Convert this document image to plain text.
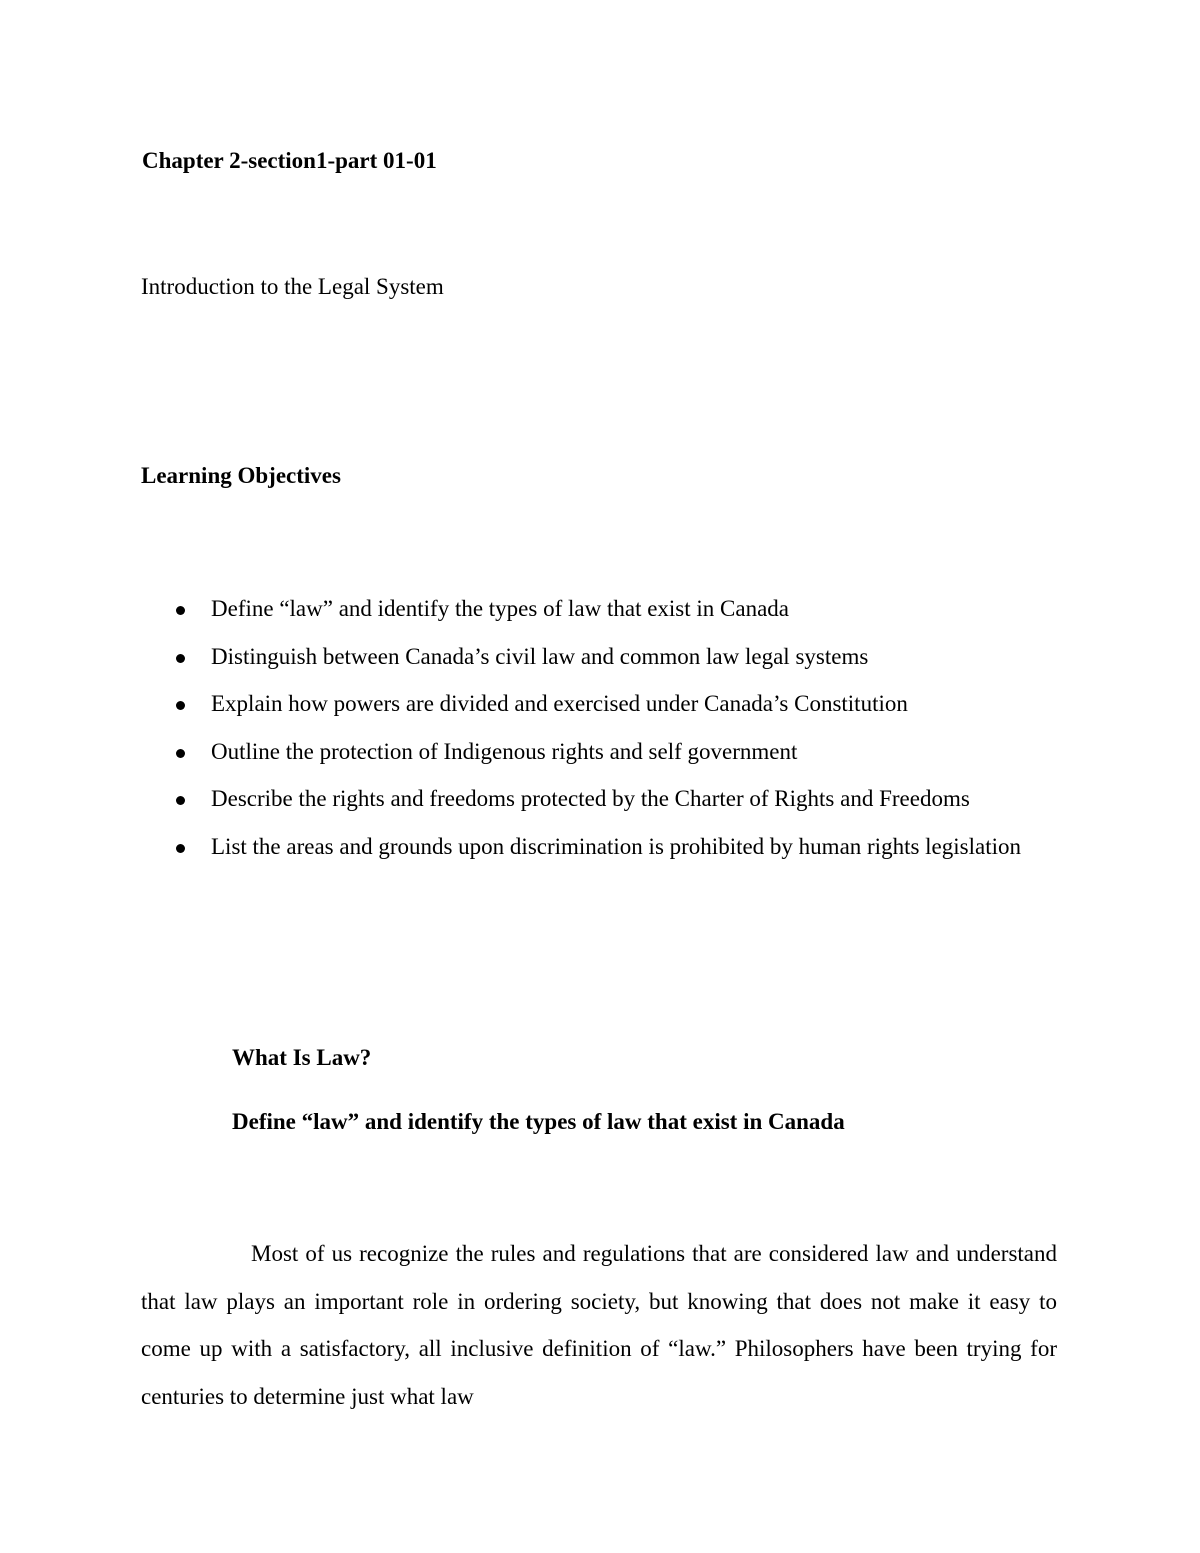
Chapter 2-section1-part 01-01

Introduction to the Legal System

Learning Objectives
Define “law” and identify the types of law that exist in Canada
Distinguish between Canada’s civil law and common law legal systems
Explain how powers are divided and exercised under Canada’s Constitution
Outline the protection of Indigenous rights and self government
Describe the rights and freedoms protected by the Charter of Rights and Freedoms
List the areas and grounds upon discrimination is prohibited by human rights legislation
What Is Law?
Define “law” and identify the types of law that exist in Canada

Most of us recognize the rules and regulations that are considered law and understand that law plays an important role in ordering society, but knowing that does not make it easy to come up with a satisfactory, all inclusive definition of “law.” Philosophers have been trying for centuries to determine just what law
